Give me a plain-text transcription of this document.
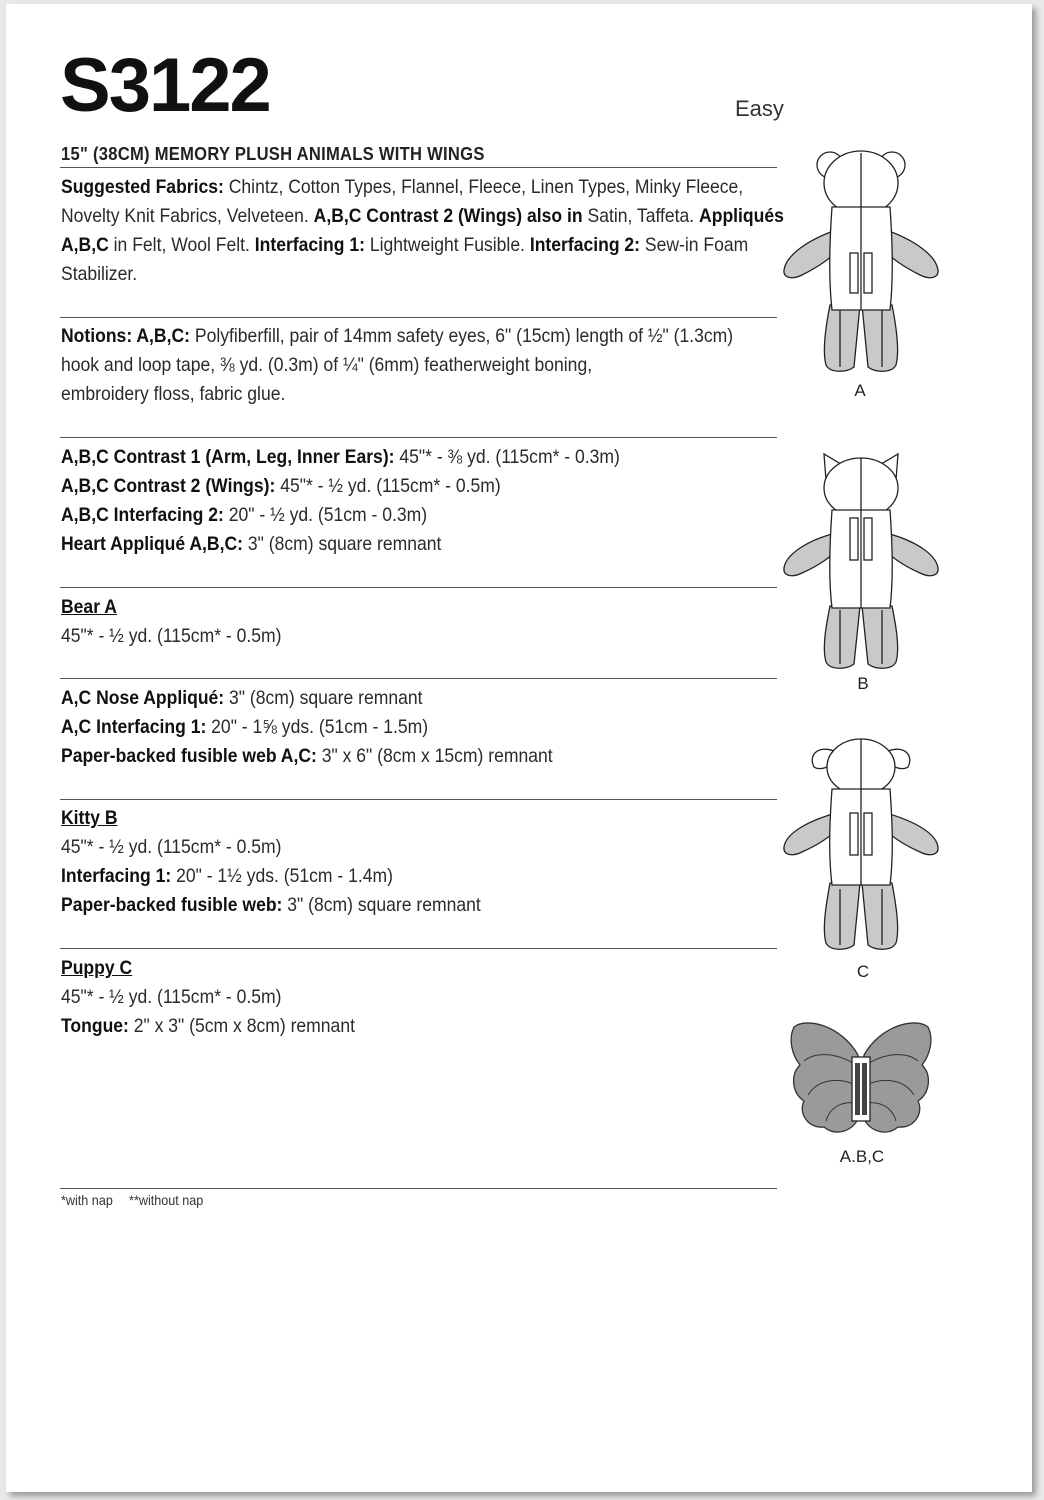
S3122	Easy
15" (38CM) MEMORY PLUSH ANIMALS WITH WINGS
Suggested Fabrics: Chintz, Cotton Types, Flannel, Fleece, Linen Types, Minky Fleece,
Novelty Knit Fabrics, Velveteen. A,B,C Contrast 2 (Wings) also in Satin, Taffeta. Appliqués
A,B,C in Felt, Wool Felt. Interfacing 1: Lightweight Fusible. Interfacing 2: Sew-in Foam
Stabilizer.
Notions: A,B,C: Polyfiberfill, pair of 14mm safety eyes, 6" (15cm) length of ½" (1.3cm)
hook and loop tape, ⅜ yd. (0.3m) of ¼" (6mm) featherweight boning,
embroidery floss, fabric glue.
A,B,C Contrast 1 (Arm, Leg, Inner Ears): 45"* - ⅜ yd. (115cm* - 0.3m)
A,B,C Contrast 2 (Wings): 45"* - ½ yd. (115cm* - 0.5m)
A,B,C Interfacing 2: 20" - ½ yd. (51cm - 0.3m)
Heart Appliqué A,B,C: 3" (8cm) square remnant
Bear A
45"* - ½ yd. (115cm* - 0.5m)
A,C Nose Appliqué: 3" (8cm) square remnant
A,C Interfacing 1: 20" - 1⅝ yds. (51cm - 1.5m)
Paper-backed fusible web A,C: 3" x 6" (8cm x 15cm) remnant
Kitty B
45"* - ½ yd. (115cm* - 0.5m)
Interfacing 1: 20" - 1½ yds. (51cm - 1.4m)
Paper-backed fusible web: 3" (8cm) square remnant
Puppy C
45"* - ½ yd. (115cm* - 0.5m)
Tongue: 2" x 3" (5cm x 8cm) remnant
*with nap **without nap
A
B
C
A.B,C
